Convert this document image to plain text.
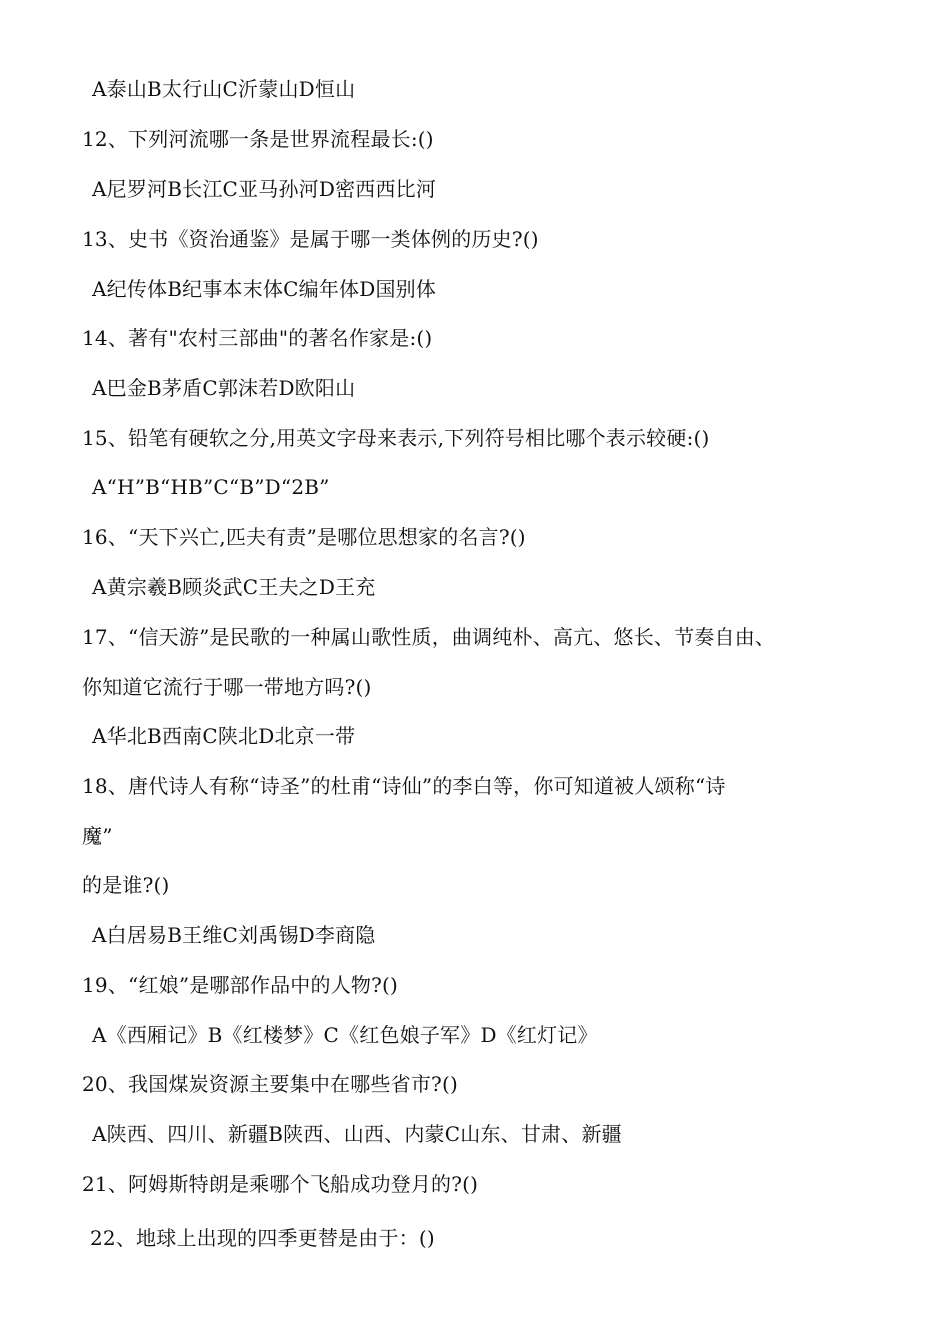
A泰山B太行山C沂蒙山D恒山
12、下列河流哪一条是世界流程最长:()
A尼罗河B长江C亚马孙河D密西西比河
13、史书《资治通鉴》是属于哪一类体例的历史?()
A纪传体B纪事本末体C编年体D国别体
14、著有"农村三部曲"的著名作家是:()
A巴金B茅盾C郭沫若D欧阳山
15、铅笔有硬软之分,用英文字母来表示,下列符号相比哪个表示较硬:()
A“H”B“HB”C“B”D“2B”
16、“天下兴亡,匹夫有责”是哪位思想家的名言?()
A黄宗羲B顾炎武C王夫之D王充
17、“信天游”是民歌的一种属山歌性质，曲调纯朴、高亢、悠长、节奏自由、
你知道它流行于哪一带地方吗?()
A华北B西南C陕北D北京一带
18、唐代诗人有称“诗圣”的杜甫“诗仙”的李白等，你可知道被人颂称“诗
魔”
的是谁?()
A白居易B王维C刘禹锡D李商隐
19、“红娘”是哪部作品中的人物?()
A《西厢记》B《红楼梦》C《红色娘子军》D《红灯记》
20、我国煤炭资源主要集中在哪些省市?()
A陕西、四川、新疆B陕西、山西、内蒙C山东、甘肃、新疆
21、阿姆斯特朗是乘哪个飞船成功登月的?()
22、地球上出现的四季更替是由于：()
